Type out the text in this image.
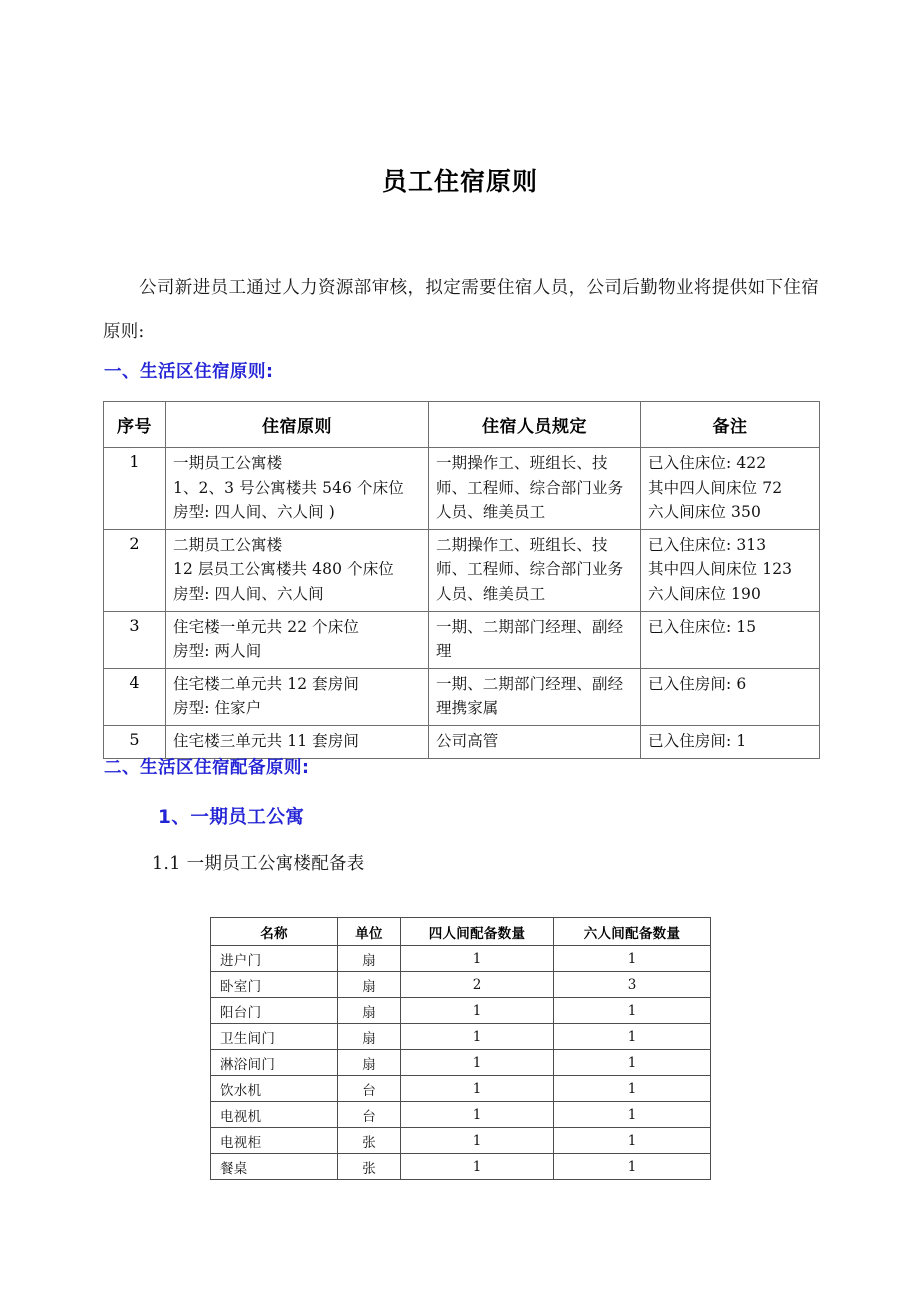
员工住宿原则
公司新进员工通过人力资源部审核，拟定需要住宿人员，公司后勤物业将提供如下住宿原则:
一、生活区住宿原则:
序号	住宿原则	住宿人员规定	备注
1	一期员工公寓楼
1、2、3 号公寓楼共 546 个床位
房型: 四人间、六人间 )	一期操作工、班组长、技师、工程师、综合部门业务人员、维美员工	已入住床位: 422
其中四人间床位 72
六人间床位 350
2	二期员工公寓楼
12 层员工公寓楼共 480 个床位
房型: 四人间、六人间	二期操作工、班组长、技师、工程师、综合部门业务人员、维美员工	已入住床位: 313
其中四人间床位 123
六人间床位 190
3	住宅楼一单元共 22 个床位
房型: 两人间	一期、二期部门经理、副经理	已入住床位: 15
4	住宅楼二单元共 12 套房间
房型: 住家户	一期、二期部门经理、副经理携家属	已入住房间: 6
5	住宅楼三单元共 11 套房间	公司高管	已入住房间: 1
二、生活区住宿配备原则:
1、一期员工公寓
1.1 一期员工公寓楼配备表
名称	单位	四人间配备数量	六人间配备数量
进户门	扇	1	1
卧室门	扇	2	3
阳台门	扇	1	1
卫生间门	扇	1	1
淋浴间门	扇	1	1
饮水机	台	1	1
电视机	台	1	1
电视柜	张	1	1
餐桌	张	1	1
